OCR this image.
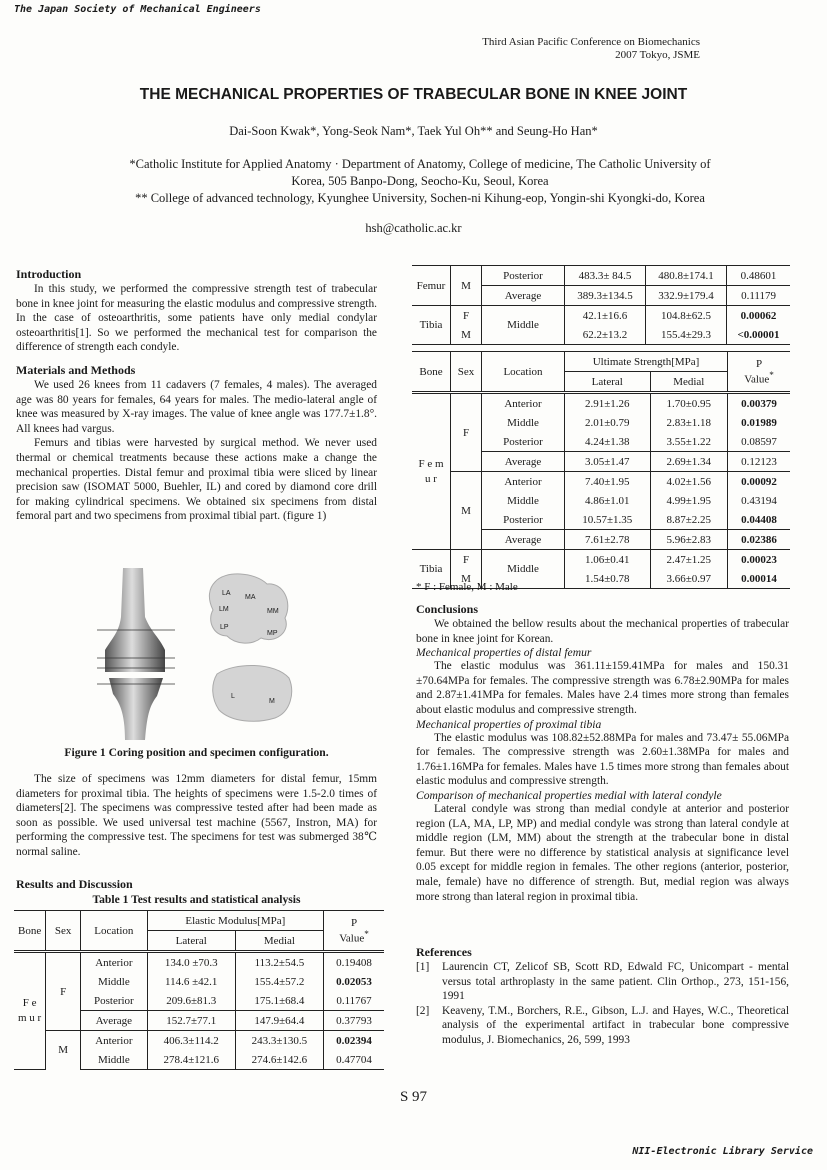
The Japan Society of Mechanical Engineers
Third Asian Pacific Conference on Biomechanics
2007 Tokyo, JSME
THE MECHANICAL PROPERTIES OF TRABECULAR BONE IN KNEE JOINT
Dai-Soon Kwak*, Yong-Seok Nam*, Taek Yul Oh** and Seung-Ho Han*
*Catholic Institute for Applied Anatomy · Department of Anatomy, College of medicine, The Catholic University of
Korea, 505 Banpo-Dong, Seocho-Ku, Seoul, Korea
** College of advanced technology, Kyunghee University, Sochen-ni Kihung-eop, Yongin-shi Kyongki-do, Korea
hsh@catholic.ac.kr
Introduction

In this study, we performed the compressive strength test of trabecular bone in knee joint for measuring the elastic modulus and compressive strength. In the case of osteoarthritis, some patients have only medial condylar osteoarthritis[1]. So we performed the mechanical test for comparison the difference of strength each condyle.

Materials and Methods

We used 26 knees from 11 cadavers (7 females, 4 males). The averaged age was 80 years for females, 64 years for males. The medio-lateral angle of knee was measured by X-ray images. The value of knee angle was 177.7±1.8°. All knees had vargus.

Femurs and tibias were harvested by surgical method. We never used thermal or chemical treatments because these actions make a change the mechanical properties. Distal femur and proximal tibia were sliced by linear precision saw (ISOMAT 5000, Buehler, IL) and cored by diamond core drill for making cylindrical specimens. We obtained six specimens from distal femoral part and two specimens from proximal tibial part. (figure 1)

LA
MA
LM	MM
LP
MP
L
M
Figure 1 Coring position and specimen configuration.

The size of specimens was 12mm diameters for distal femur, 15mm diameters for proximal tibia. The heights of specimens were 1.5-2.0 times of diameters[2]. The specimens was compressive tested after had been made as soon as possible. We used universal test machine (5567, Instron, MA) for performing the compressive test. The specimens for test was submerged 38℃ normal saline.

Results and Discussion
Table 1 Test results and statistical analysis
Bone	Sex	Location	Elastic Modulus[MPa]		P
Value*
			Lateral	Medial	
F e m u r	F	Anterior	134.0 ±70.3	113.2±54.5	0.19408
		Middle	114.6 ±42.1	155.4±57.2	0.02053
		Posterior	209.6±81.3	175.1±68.4	0.11767
		Average	152.7±77.1	147.9±64.4	0.37793
	M	Anterior	406.3±114.2	243.3±130.5	0.02394
		Middle	278.4±121.6	274.6±142.6	0.47704
Femur	M	Posterior	483.3± 84.5	480.8±174.1	0.48601
		Average	389.3±134.5	332.9±179.4	0.11179
Tibia	F	Middle	42.1±16.6	104.8±62.5	0.00062
	M		62.2±13.2	155.4±29.3	<0.00001
Bone	Sex	Location	Ultimate Strength[MPa]		P
Value*
			Lateral	Medial	
F e m u r	F	Anterior	2.91±1.26	1.70±0.95	0.00379
		Middle	2.01±0.79	2.83±1.18	0.01989
		Posterior	4.24±1.38	3.55±1.22	0.08597
		Average	3.05±1.47	2.69±1.34	0.12123
	M	Anterior	7.40±1.95	4.02±1.56	0.00092
		Middle	4.86±1.01	4.99±1.95	0.43194
		Posterior	10.57±1.35	8.87±2.25	0.04408
		Average	7.61±2.78	5.96±2.83	0.02386
Tibia	F	Middle	1.06±0.41	2.47±1.25	0.00023
	M		1.54±0.78	3.66±0.97	0.00014
* F : Female, M : Male
Conclusions

We obtained the bellow results about the mechanical properties of trabecular bone in knee joint for Korean.

Mechanical properties of distal femur

The elastic modulus was 361.11±159.41MPa for males and 150.31 ±70.64MPa for females. The compressive strength was 6.78±2.90MPa for males and 2.87±1.41MPa for females. Males have 2.4 times more strong than females about elastic modulus and compressive strength.

Mechanical properties of proximal tibia

The elastic modulus was 108.82±52.88MPa for males and 73.47± 55.06MPa for females. The compressive strength was 2.60±1.38MPa for males and 1.76±1.16MPa for females. Males have 1.5 times more strong than females about elastic modulus and compressive strength.

Comparison of mechanical properties medial with lateral condyle

Lateral condyle was strong than medial condyle at anterior and posterior region (LA, MA, LP, MP) and medial condyle was strong than lateral condyle at middle region (LM, MM) about the strength at the trabecular bone in distal femur. But there were no difference by statistical analysis at significance level 0.05 except for middle region in females. The other regions (anterior, posterior, male, female) have no difference of strength. But, medial region was always more strong than lateral region in proximal tibia.

References
[1]	Laurencin CT, Zelicof SB, Scott RD, Edwald FC, Unicompart - mental versus total arthroplasty in the same patient. Clin Orthop., 273, 151-156, 1991
[2]	Keaveny, T.M., Borchers, R.E., Gibson, L.J. and Hayes, W.C., Theoretical analysis of the experimental artifact in trabecular bone compressive modulus, J. Biomechanics, 26, 599, 1993
S 97
NII-Electronic Library Service
